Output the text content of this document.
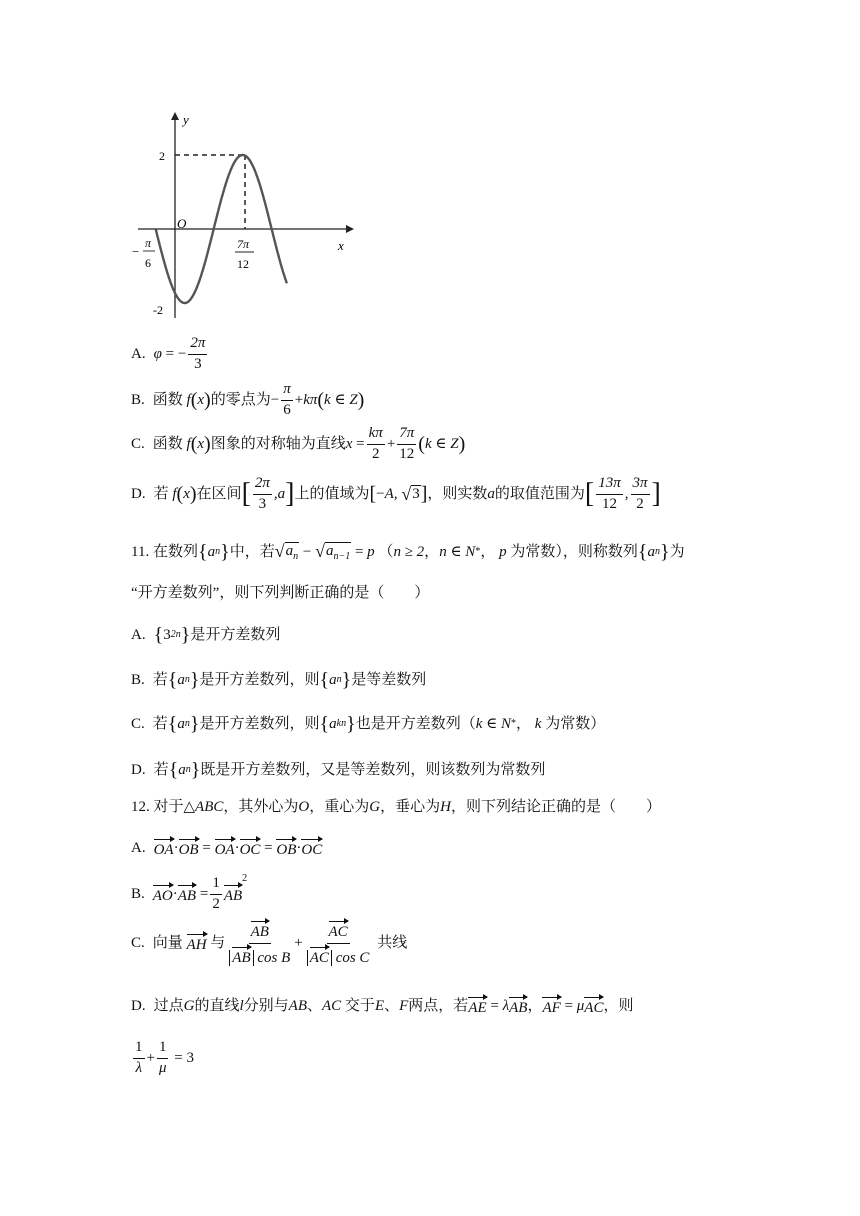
y
x
O
2
-2
−
π
6
7π
12
A. φ = − $\frac{2\pi}{3}$
B. 函数
f ( x ) 的零点为 − $\frac{\pi}{6} + k\pi$ ( k ∈ Z )
C. 函数
f ( x ) 图象的对称轴为直线 $x = \frac{k\pi}{2} + \frac{7\pi}{12}$ ( k ∈ Z )
D. 若
f ( x ) 在区间 [ $\frac{2\pi}{3}$ , a ] 上的值域为 [ − A , √ 3 ] ，则实数 a 的取值范围为 [ $\frac{13\pi}{12}$ , $\frac{3\pi}{2}$ ]
11.
在数列 { a n } 中，若 √ $a_n$ − √ $a_{n-1} = p$ （ n ≥ 2 ， n ∈ N * ， p
为常数），则称数列 { a n } 为
“开方差数列”，则下列判断正确的是（　　）
A. { 3 2n } 是开方差数列
B. 若 { a n } 是开方差数列，则 { a n } 是等差数列
C. 若 { a n } 是开方差数列，则 { a kn } 也是开方差数列（ k ∈ N * ， k
为常数）
D. 若 { a n } 既是开方差数列，又是等差数列，则该数列为常数列
12.
对于△ ABC ，其外心为 O ，重心为 G ，垂心为 H ，则下列结论正确的是（　　）
A. OA · OB = OA · OC = OB · OC
B. AO · AB = $\frac{1}{2}$ AB
2
C. 向量
AH
与 $\frac{AB}{\text{AB cos B}} + \frac{AC}{\text{AC cos C}}$
共线
D. 过点 G 的直线 l 分别与 AB 、 AC
交于 E 、 F 两点，若 AE = λ AB ， AF = μ AC ，则
$\frac{1}{\lambda} + \frac{1}{\mu} = 3$
